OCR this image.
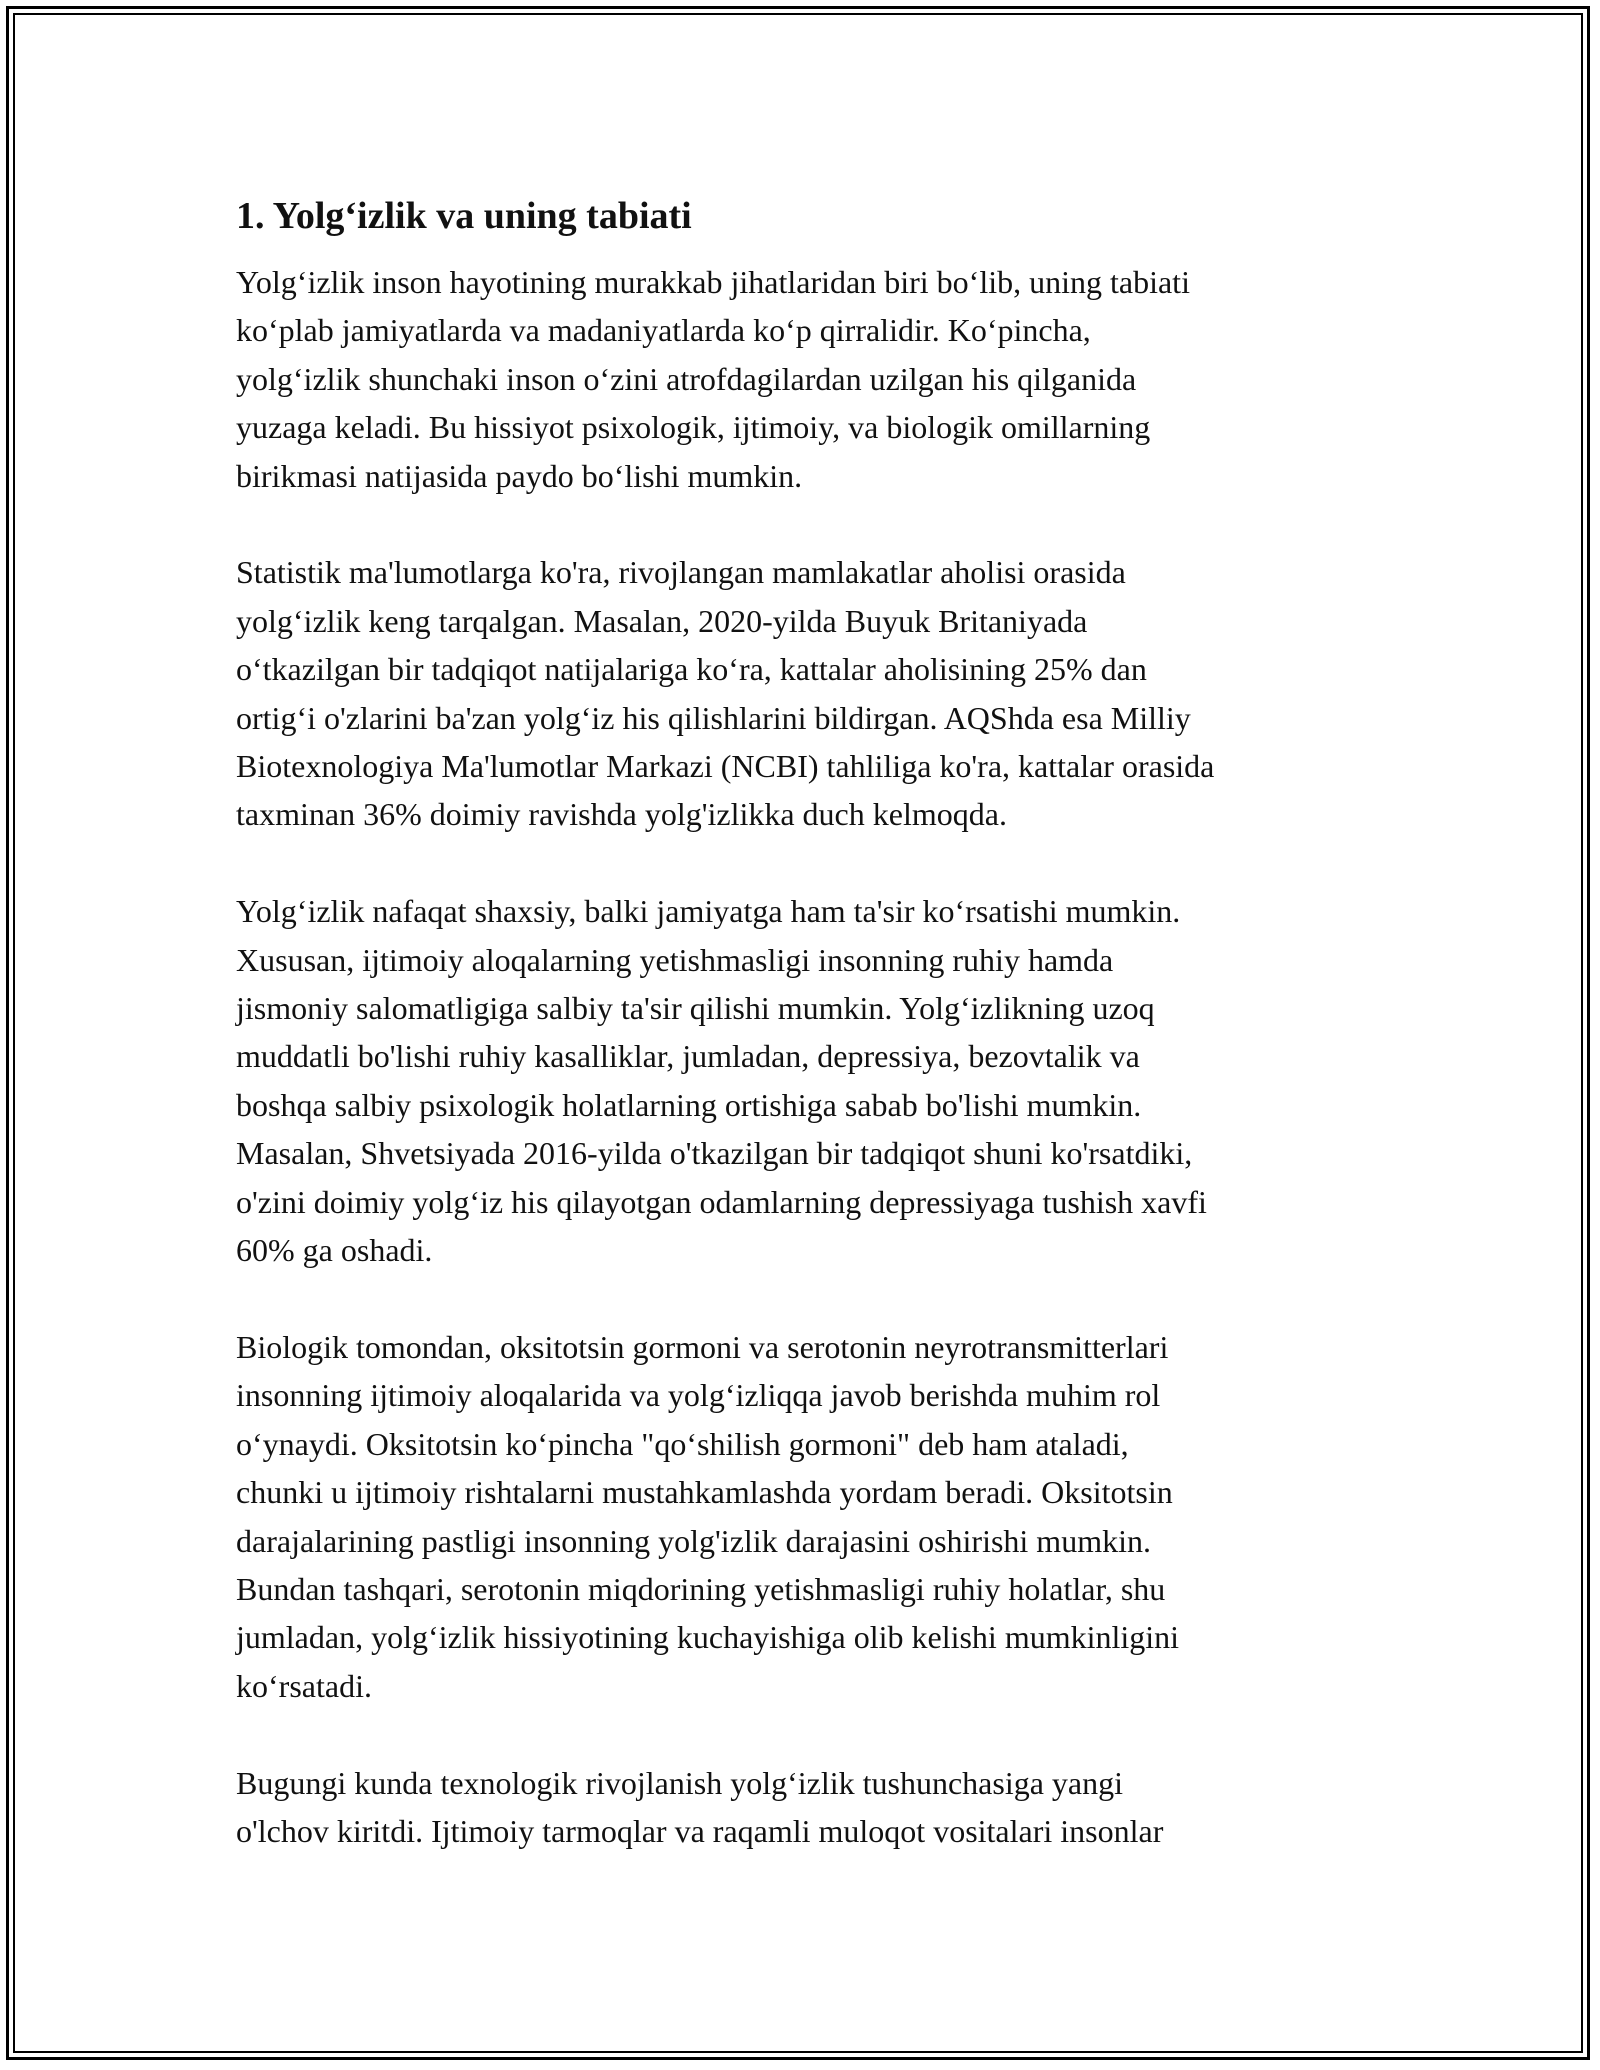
1. Yolg‘izlik va uning tabiati
Yolg‘izlik inson hayotining murakkab jihatlaridan biri bo‘lib, uning tabiati
ko‘plab jamiyatlarda va madaniyatlarda ko‘p qirralidir. Ko‘pincha,
yolg‘izlik shunchaki inson o‘zini atrofdagilardan uzilgan his qilganida
yuzaga keladi. Bu hissiyot psixologik, ijtimoiy, va biologik omillarning
birikmasi natijasida paydo bo‘lishi mumkin.
Statistik ma'lumotlarga ko'ra, rivojlangan mamlakatlar aholisi orasida
yolg‘izlik keng tarqalgan. Masalan, 2020-yilda Buyuk Britaniyada
o‘tkazilgan bir tadqiqot natijalariga ko‘ra, kattalar aholisining 25% dan
ortig‘i o'zlarini ba'zan yolg‘iz his qilishlarini bildirgan. AQShda esa Milliy
Biotexnologiya Ma'lumotlar Markazi (NCBI) tahliliga ko'ra, kattalar orasida
taxminan 36% doimiy ravishda yolg'izlikka duch kelmoqda.
Yolg‘izlik nafaqat shaxsiy, balki jamiyatga ham ta'sir ko‘rsatishi mumkin.
Xususan, ijtimoiy aloqalarning yetishmasligi insonning ruhiy hamda
jismoniy salomatligiga salbiy ta'sir qilishi mumkin. Yolg‘izlikning uzoq
muddatli bo'lishi ruhiy kasalliklar, jumladan, depressiya, bezovtalik va
boshqa salbiy psixologik holatlarning ortishiga sabab bo'lishi mumkin.
Masalan, Shvetsiyada 2016-yilda o'tkazilgan bir tadqiqot shuni ko'rsatdiki,
o'zini doimiy yolg‘iz his qilayotgan odamlarning depressiyaga tushish xavfi
60% ga oshadi.
Biologik tomondan, oksitotsin gormoni va serotonin neyrotransmitterlari
insonning ijtimoiy aloqalarida va yolg‘izliqqa javob berishda muhim rol
o‘ynaydi. Oksitotsin ko‘pincha "qo‘shilish gormoni" deb ham ataladi,
chunki u ijtimoiy rishtalarni mustahkamlashda yordam beradi. Oksitotsin
darajalarining pastligi insonning yolg'izlik darajasini oshirishi mumkin.
Bundan tashqari, serotonin miqdorining yetishmasligi ruhiy holatlar, shu
jumladan, yolg‘izlik hissiyotining kuchayishiga olib kelishi mumkinligini
ko‘rsatadi.
Bugungi kunda texnologik rivojlanish yolg‘izlik tushunchasiga yangi
o'lchov kiritdi. Ijtimoiy tarmoqlar va raqamli muloqot vositalari insonlar
